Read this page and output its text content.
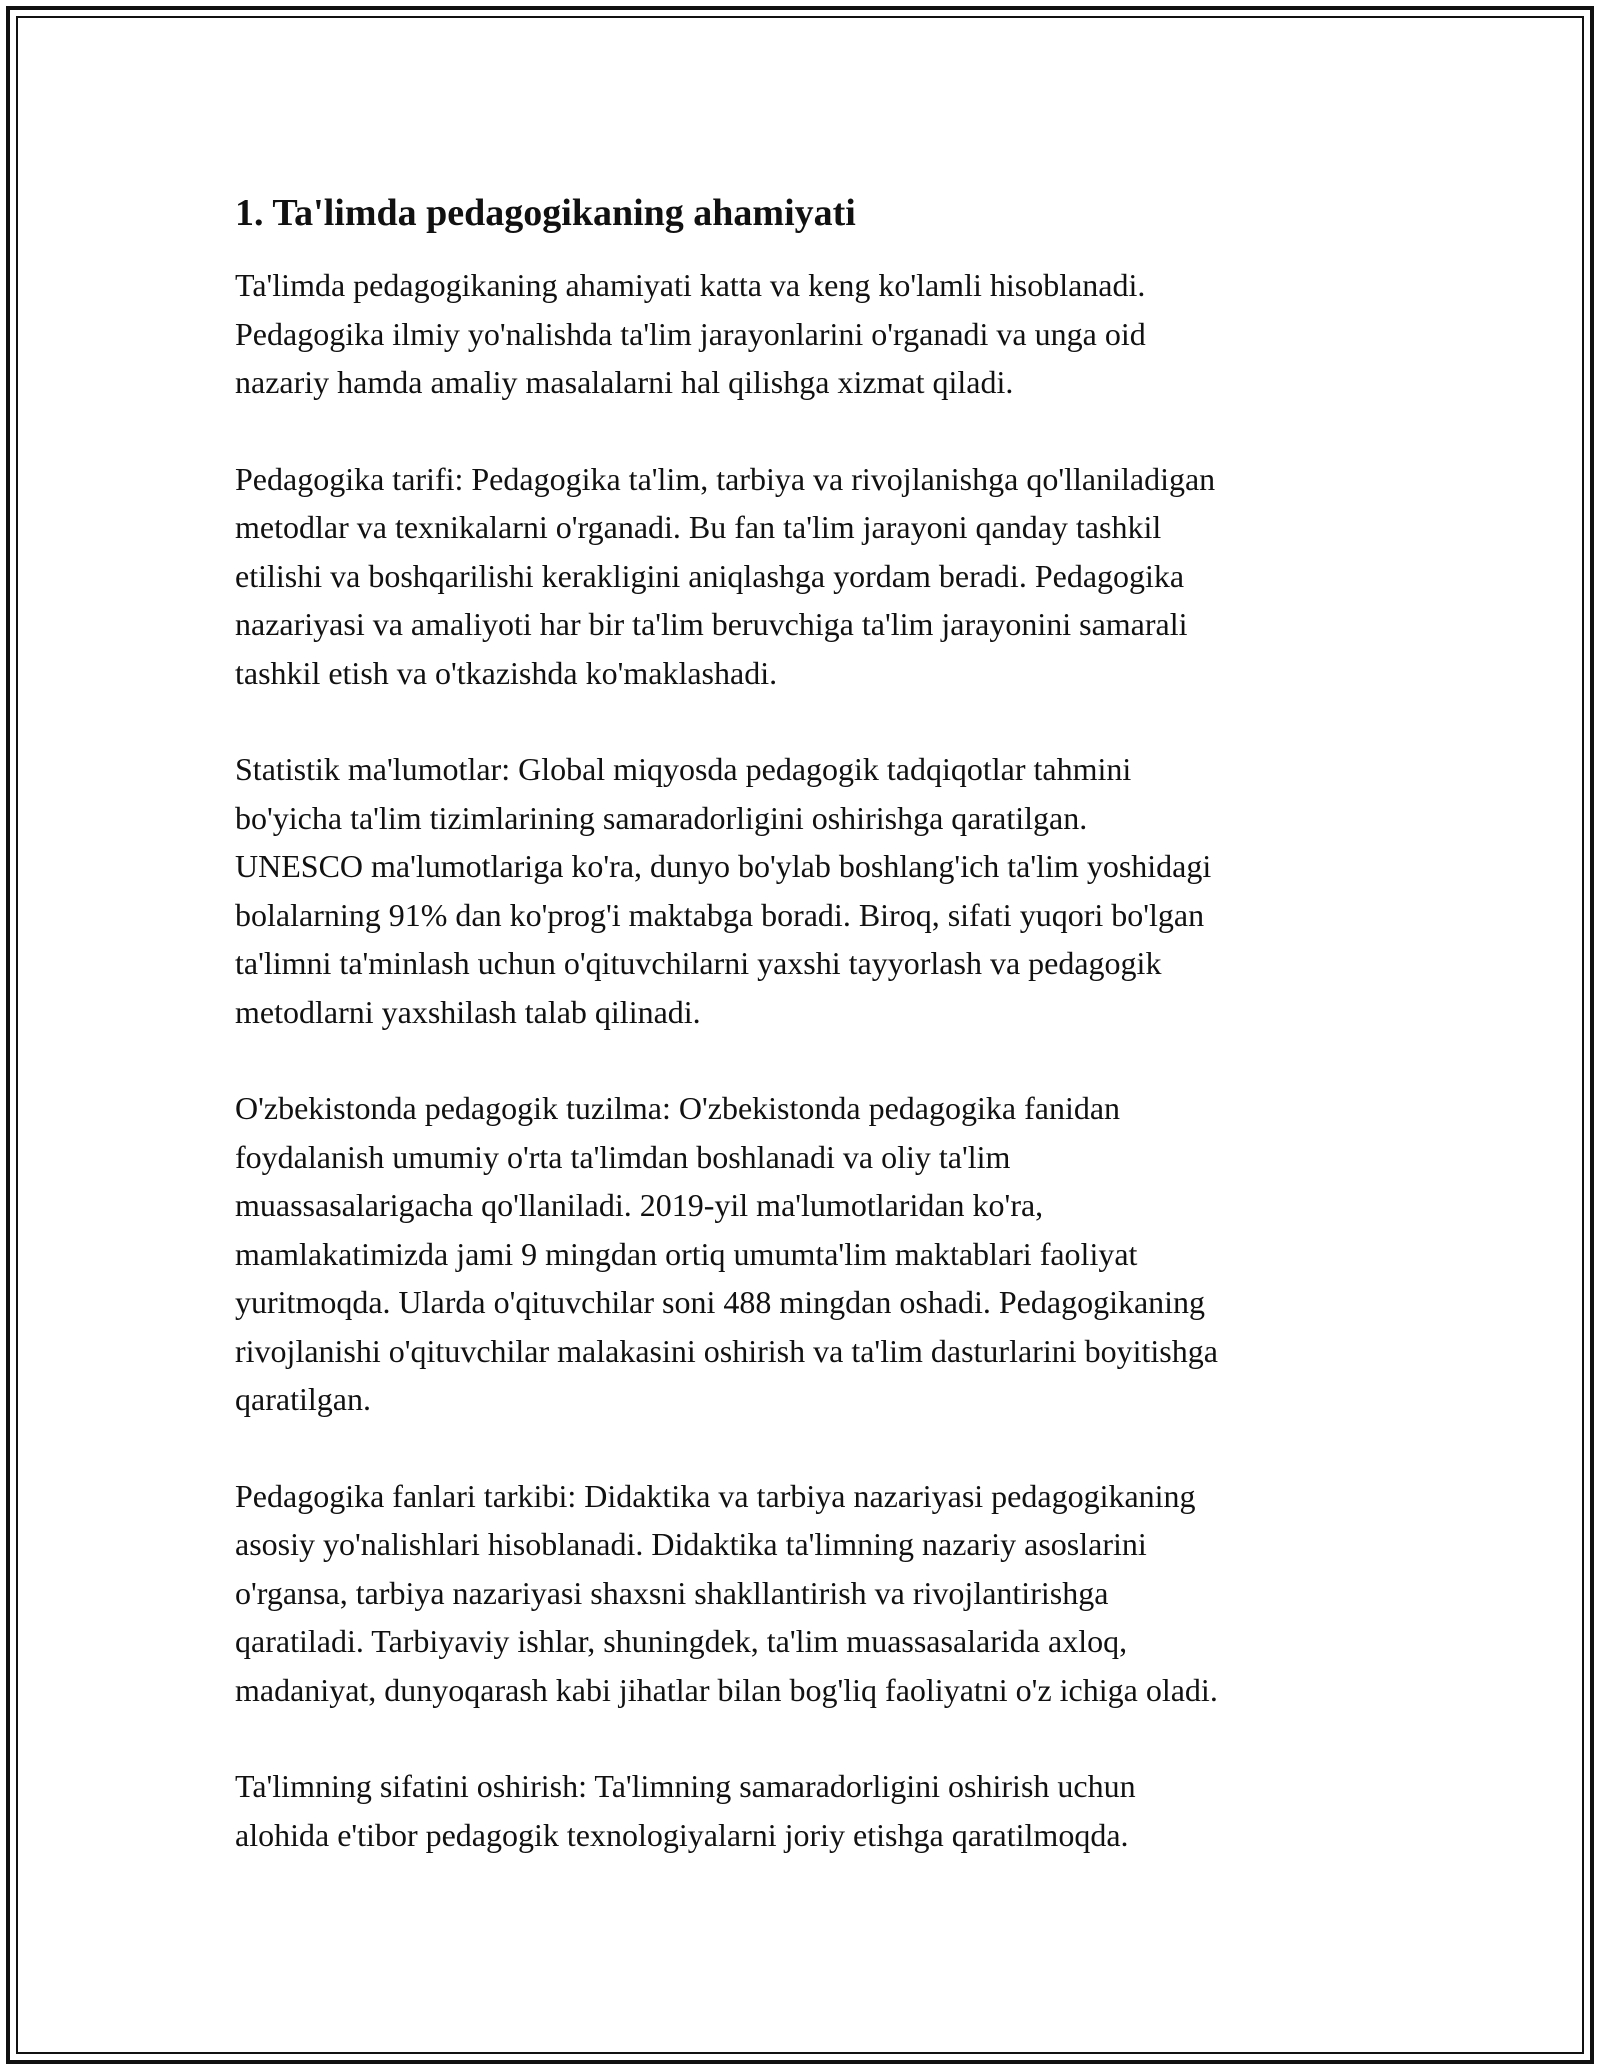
1. Ta'limda pedagogikaning ahamiyati

Ta'limda pedagogikaning ahamiyati katta va keng ko'lamli hisoblanadi.
Pedagogika ilmiy yo'nalishda ta'lim jarayonlarini o'rganadi va unga oid
nazariy hamda amaliy masalalarni hal qilishga xizmat qiladi.

Pedagogika tarifi: Pedagogika ta'lim, tarbiya va rivojlanishga qo'llaniladigan
metodlar va texnikalarni o'rganadi. Bu fan ta'lim jarayoni qanday tashkil
etilishi va boshqarilishi kerakligini aniqlashga yordam beradi. Pedagogika
nazariyasi va amaliyoti har bir ta'lim beruvchiga ta'lim jarayonini samarali
tashkil etish va o'tkazishda ko'maklashadi.

Statistik ma'lumotlar: Global miqyosda pedagogik tadqiqotlar tahmini
bo'yicha ta'lim tizimlarining samaradorligini oshirishga qaratilgan.
UNESCO ma'lumotlariga ko'ra, dunyo bo'ylab boshlang'ich ta'lim yoshidagi
bolalarning 91% dan ko'prog'i maktabga boradi. Biroq, sifati yuqori bo'lgan
ta'limni ta'minlash uchun o'qituvchilarni yaxshi tayyorlash va pedagogik
metodlarni yaxshilash talab qilinadi.

O'zbekistonda pedagogik tuzilma: O'zbekistonda pedagogika fanidan
foydalanish umumiy o'rta ta'limdan boshlanadi va oliy ta'lim
muassasalarigacha qo'llaniladi. 2019-yil ma'lumotlaridan ko'ra,
mamlakatimizda jami 9 mingdan ortiq umumta'lim maktablari faoliyat
yuritmoqda. Ularda o'qituvchilar soni 488 mingdan oshadi. Pedagogikaning
rivojlanishi o'qituvchilar malakasini oshirish va ta'lim dasturlarini boyitishga
qaratilgan.

Pedagogika fanlari tarkibi: Didaktika va tarbiya nazariyasi pedagogikaning
asosiy yo'nalishlari hisoblanadi. Didaktika ta'limning nazariy asoslarini
o'rgansa, tarbiya nazariyasi shaxsni shakllantirish va rivojlantirishga
qaratiladi. Tarbiyaviy ishlar, shuningdek, ta'lim muassasalarida axloq,
madaniyat, dunyoqarash kabi jihatlar bilan bog'liq faoliyatni o'z ichiga oladi.

Ta'limning sifatini oshirish: Ta'limning samaradorligini oshirish uchun
alohida e'tibor pedagogik texnologiyalarni joriy etishga qaratilmoqda.
